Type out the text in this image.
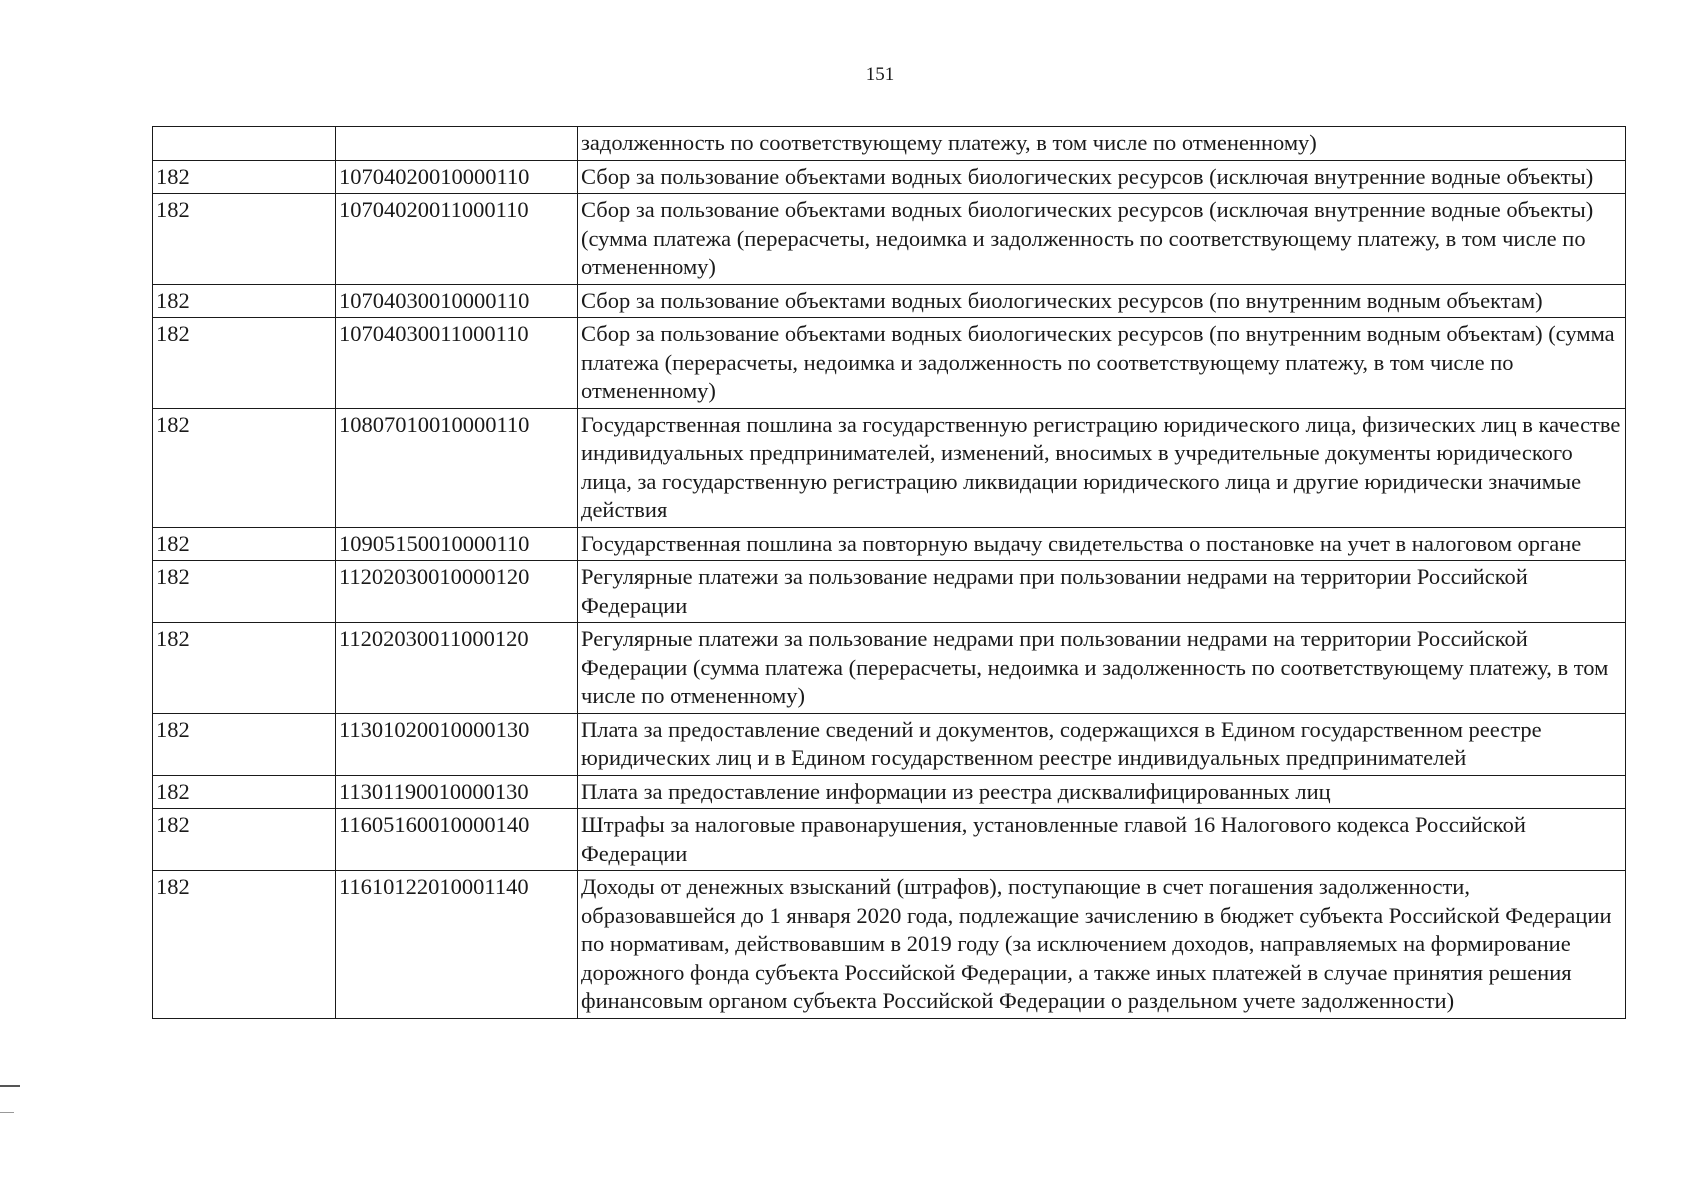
151
		задолженность по соответствующему платежу, в том числе по отмененному)
182	10704020010000110	Сбор за пользование объектами водных биологических ресурсов (исключая внутренние водные объекты)
182	10704020011000110	Сбор за пользование объектами водных биологических ресурсов (исключая внутренние водные объекты) (сумма платежа (перерасчеты, недоимка и задолженность по соответствующему платежу, в том числе по отмененному)
182	10704030010000110	Сбор за пользование объектами водных биологических ресурсов (по внутренним водным объектам)
182	10704030011000110	Сбор за пользование объектами водных биологических ресурсов (по внутренним водным объектам) (сумма платежа (перерасчеты, недоимка и задолженность по соответствующему платежу, в том числе по отмененному)
182	10807010010000110	Государственная пошлина за государственную регистрацию юридического лица, физических лиц в качестве индивидуальных предпринимателей, изменений, вносимых в учредительные документы юридического лица, за государственную регистрацию ликвидации юридического лица и другие юридически значимые действия
182	10905150010000110	Государственная пошлина за повторную выдачу свидетельства о постановке на учет в налоговом органе
182	11202030010000120	Регулярные платежи за пользование недрами при пользовании недрами на территории Российской Федерации
182	11202030011000120	Регулярные платежи за пользование недрами при пользовании недрами на территории Российской Федерации (сумма платежа (перерасчеты, недоимка и задолженность по соответствующему платежу, в том числе по отмененному)
182	11301020010000130	Плата за предоставление сведений и документов, содержащихся в Едином государственном реестре юридических лиц и в Едином государственном реестре индивидуальных предпринимателей
182	11301190010000130	Плата за предоставление информации из реестра дисквалифицированных лиц
182	11605160010000140	Штрафы за налоговые правонарушения, установленные главой 16 Налогового кодекса Российской Федерации
182	11610122010001140	Доходы от денежных взысканий (штрафов), поступающие в счет погашения задолженности, образовавшейся до 1 января 2020 года, подлежащие зачислению в бюджет субъекта Российской Федерации по нормативам, действовавшим в 2019 году (за исключением доходов, направляемых на формирование дорожного фонда субъекта Российской Федерации, а также иных платежей в случае принятия решения финансовым органом субъекта Российской Федерации о раздельном учете задолженности)
